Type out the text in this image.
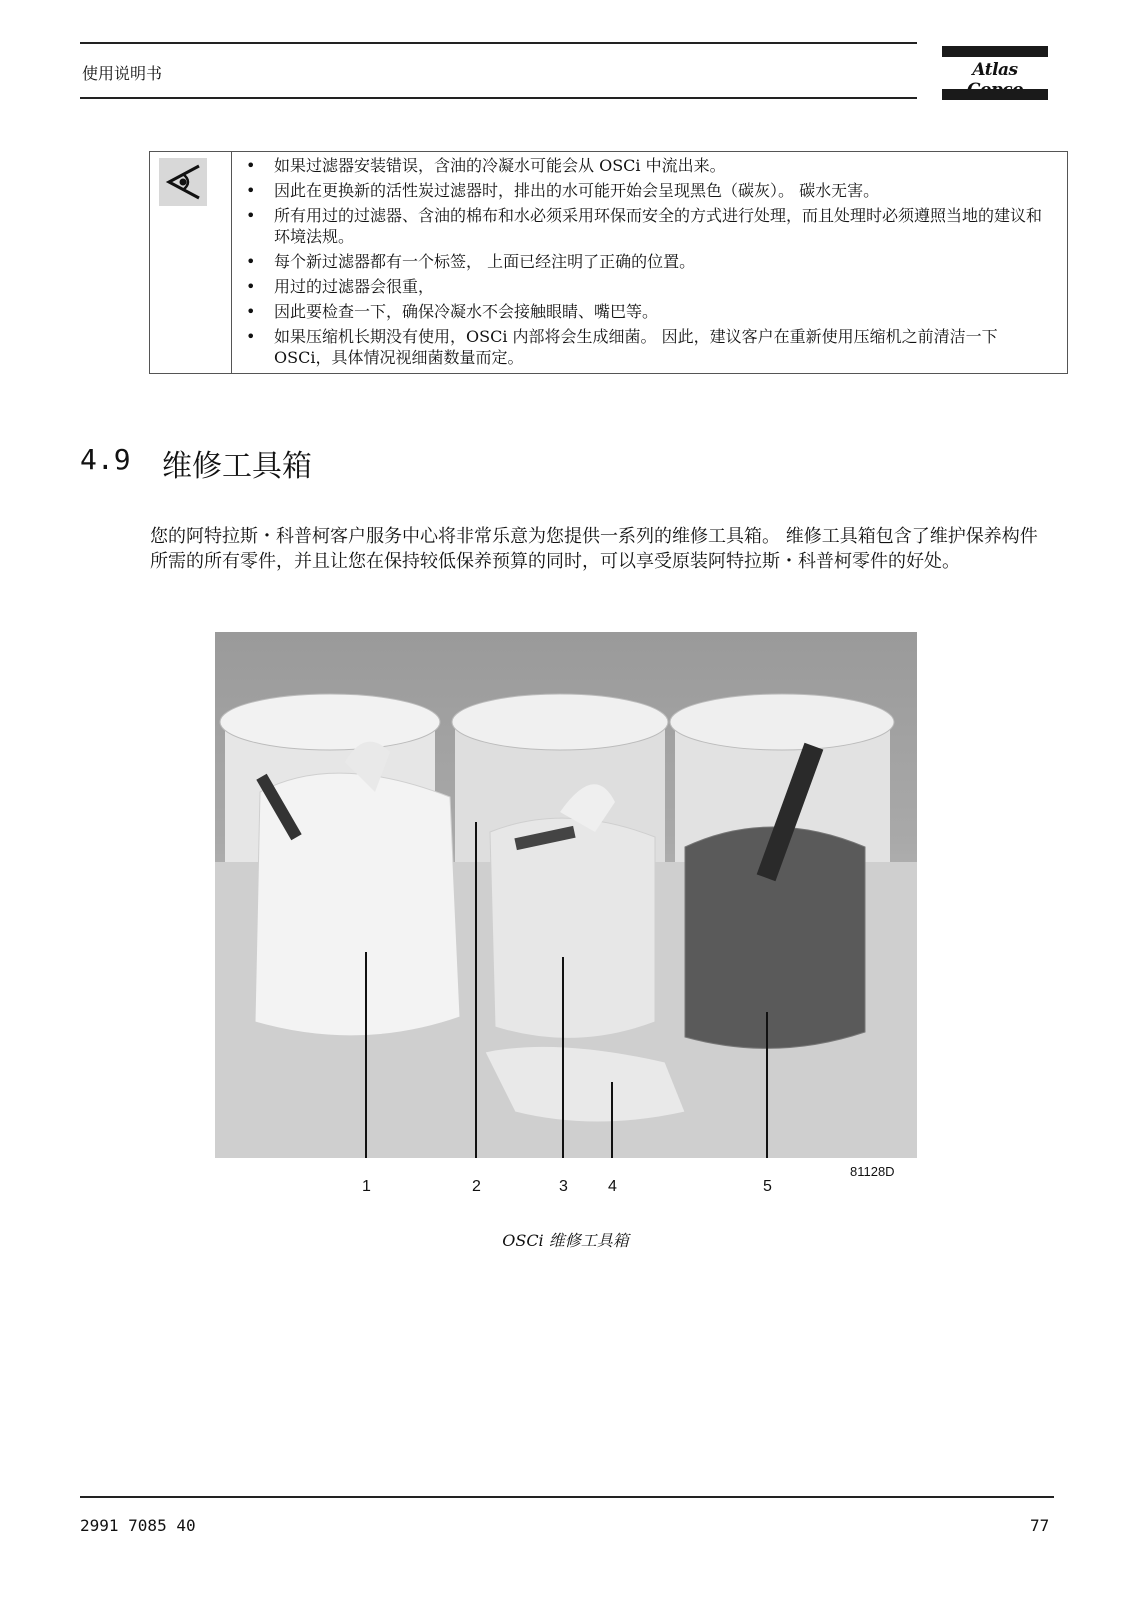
使用说明书	Atlas
• 如果过滤器安装错误，含油的冷凝水可能会从 OSCi 中流出来。
• 因此在更换新的活性炭过滤器时，排出的水可能开始会呈现黑色（碳灰）。 碳水无害。
• 所有用过的过滤器、含油的棉布和水必须采用环保而安全的方式进行处理，而且处理时必须遵照当地的建议和环境法规。
• 每个新过滤器都有一个标签， 上面已经注明了正确的位置。
• 用过的过滤器会很重，
• 因此要检查一下，确保冷凝水不会接触眼睛、嘴巴等。
• 如果压缩机长期没有使用，OSCi 内部将会生成细菌。 因此，建议客户在重新使用压缩机之前清洁一下 OSCi，具体情况视细菌数量而定。
4.9 维修工具箱
您的阿特拉斯・科普柯客户服务中心将非常乐意为您提供一系列的维修工具箱。 维修工具箱包含了维护保养构件所需的所有零件，并且让您在保持较低保养预算的同时，可以享受原装阿特拉斯・科普柯零件的好处。
81128D
1	2	3	4	5
OSCi 维修工具箱
2991 7085 40	77
